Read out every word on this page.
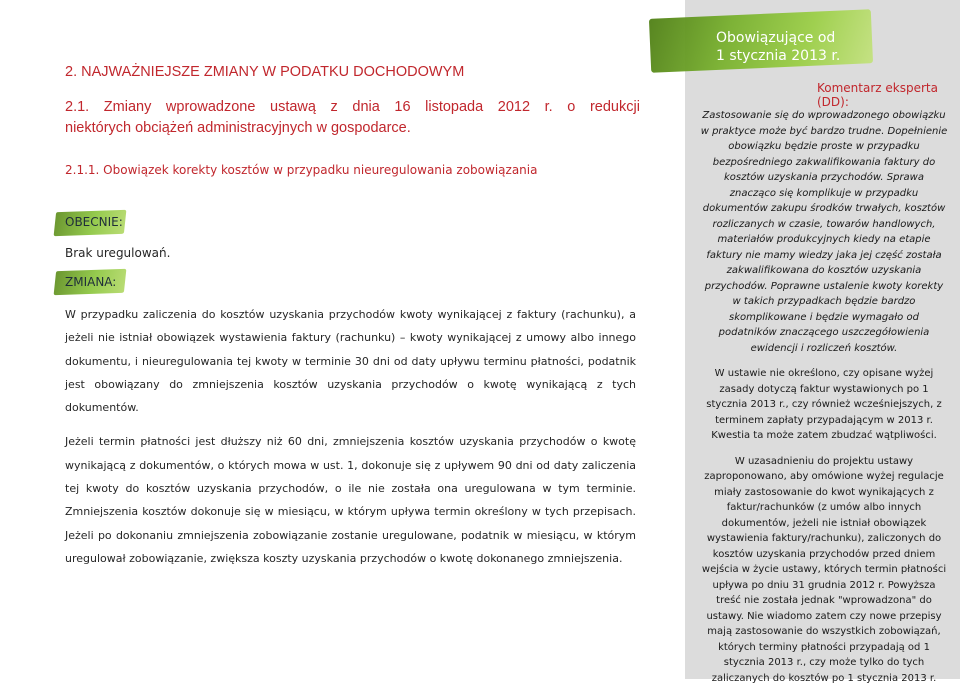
2. NAJWAŻNIEJSZE ZMIANY W PODATKU DOCHODOWYM
2.1. Zmiany wprowadzone ustawą z dnia 16 listopada 2012 r. o redukcji
niektórych obciążeń administracyjnych w gospodarce.
2.1.1. Obowiązek korekty kosztów w przypadku nieuregulowania zobowiązania
OBECNIE:
Brak uregulowań.
ZMIANA:

W przypadku zaliczenia do kosztów uzyskania przychodów kwoty wynikającej z faktury (rachunku), a jeżeli nie istniał obowiązek wystawienia faktury (rachunku) – kwoty wynikającej z umowy albo innego dokumentu, i nieuregulowania tej kwoty w terminie 30 dni od daty upływu terminu płatności, podatnik jest obowiązany do zmniejszenia kosztów uzyskania przychodów o kwotę wynikającą z tych dokumentów.

Jeżeli termin płatności jest dłuższy niż 60 dni, zmniejszenia kosztów uzyskania przychodów o kwotę wynikającą z dokumentów, o których mowa w ust. 1, dokonuje się z upływem 90 dni od daty zaliczenia tej kwoty do kosztów uzyskania przychodów, o ile nie została ona uregulowana w tym terminie. Zmniejszenia kosztów dokonuje się w miesiącu, w którym upływa termin określony w tych przepisach. Jeżeli po dokonaniu zmniejszenia zobowiązanie zostanie uregulowane, podatnik w miesiącu, w którym uregulował zobowiązanie, zwiększa koszty uzyskania przychodów o kwotę dokonanego zmniejszenia.

Obowiązujące od
1 stycznia 2013 r.
Komentarz eksperta (DD):

Zastosowanie się do wprowadzonego obowiązku w praktyce może być bardzo trudne. Dopełnienie obowiązku będzie proste w przypadku bezpośredniego zakwalifikowania faktury do kosztów uzyskania przychodów. Sprawa znacząco się komplikuje w przypadku dokumentów zakupu środków trwałych, kosztów rozliczanych w czasie, towarów handlowych, materiałów produkcyjnych kiedy na etapie faktury nie mamy wiedzy jaka jej część została zakwalifikowana do kosztów uzyskania przychodów. Poprawne ustalenie kwoty korekty w takich przypadkach będzie bardzo skomplikowane i będzie wymagało od podatników znaczącego uszczegółowienia ewidencji i rozliczeń kosztów.

W ustawie nie określono, czy opisane wyżej zasady dotyczą faktur wystawionych po 1 stycznia 2013 r., czy również wcześniejszych, z terminem zapłaty przypadającym w 2013 r. Kwestia ta może zatem zbudzać wątpliwości.

W uzasadnieniu do projektu ustawy zaproponowano, aby omówione wyżej regulacje miały zastosowanie do kwot wynikających z faktur/rachunków (z umów albo innych dokumentów, jeżeli nie istniał obowiązek wystawienia faktury/rachunku), zaliczonych do kosztów uzyskania przychodów przed dniem wejścia w życie ustawy, których termin płatności upływa po dniu 31 grudnia 2012 r. Powyższa treść nie została jednak "wprowadzona" do ustawy. Nie wiadomo zatem czy nowe przepisy mają zastosowanie do wszystkich zobowiązań, których terminy płatności przypadają od 1 stycznia 2013 r., czy może tylko do tych zaliczanych do kosztów po 1 stycznia 2013 r.
